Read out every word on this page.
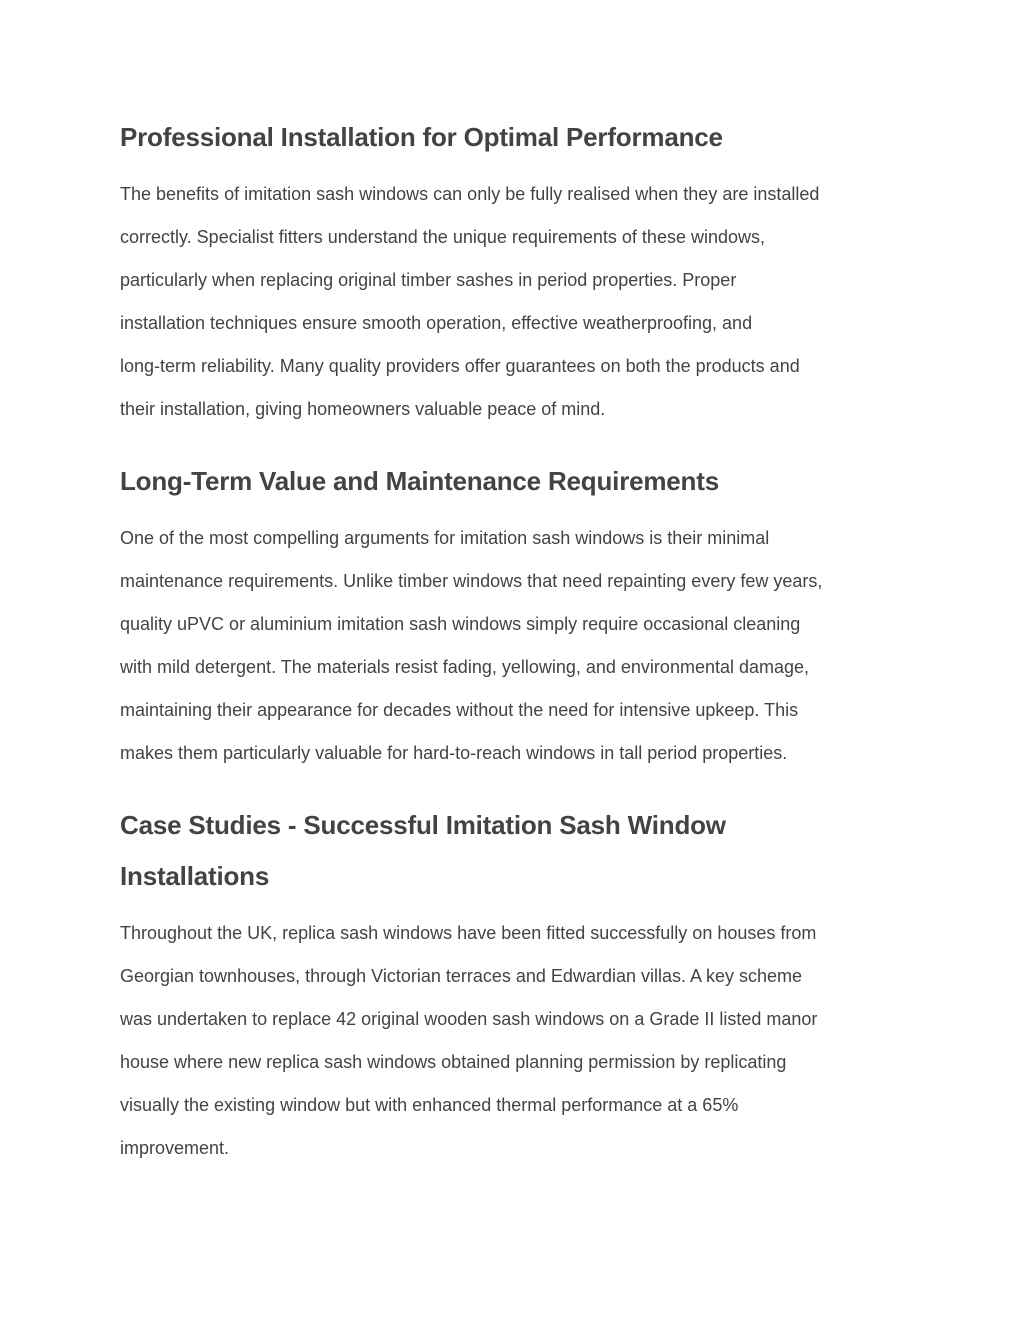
Professional Installation for Optimal Performance

The benefits of imitation sash windows can only be fully realised when they are installed
correctly. Specialist fitters understand the unique requirements of these windows,
particularly when replacing original timber sashes in period properties. Proper
installation techniques ensure smooth operation, effective weatherproofing, and
long-term reliability. Many quality providers offer guarantees on both the products and
their installation, giving homeowners valuable peace of mind.

Long-Term Value and Maintenance Requirements

One of the most compelling arguments for imitation sash windows is their minimal
maintenance requirements. Unlike timber windows that need repainting every few years,
quality uPVC or aluminium imitation sash windows simply require occasional cleaning
with mild detergent. The materials resist fading, yellowing, and environmental damage,
maintaining their appearance for decades without the need for intensive upkeep. This
makes them particularly valuable for hard-to-reach windows in tall period properties.

Case Studies - Successful Imitation Sash Window
Installations

Throughout the UK, replica sash windows have been fitted successfully on houses from
Georgian townhouses, through Victorian terraces and Edwardian villas. A key scheme
was undertaken to replace 42 original wooden sash windows on a Grade II listed manor
house where new replica sash windows obtained planning permission by replicating
visually the existing window but with enhanced thermal performance at a 65%
improvement.
